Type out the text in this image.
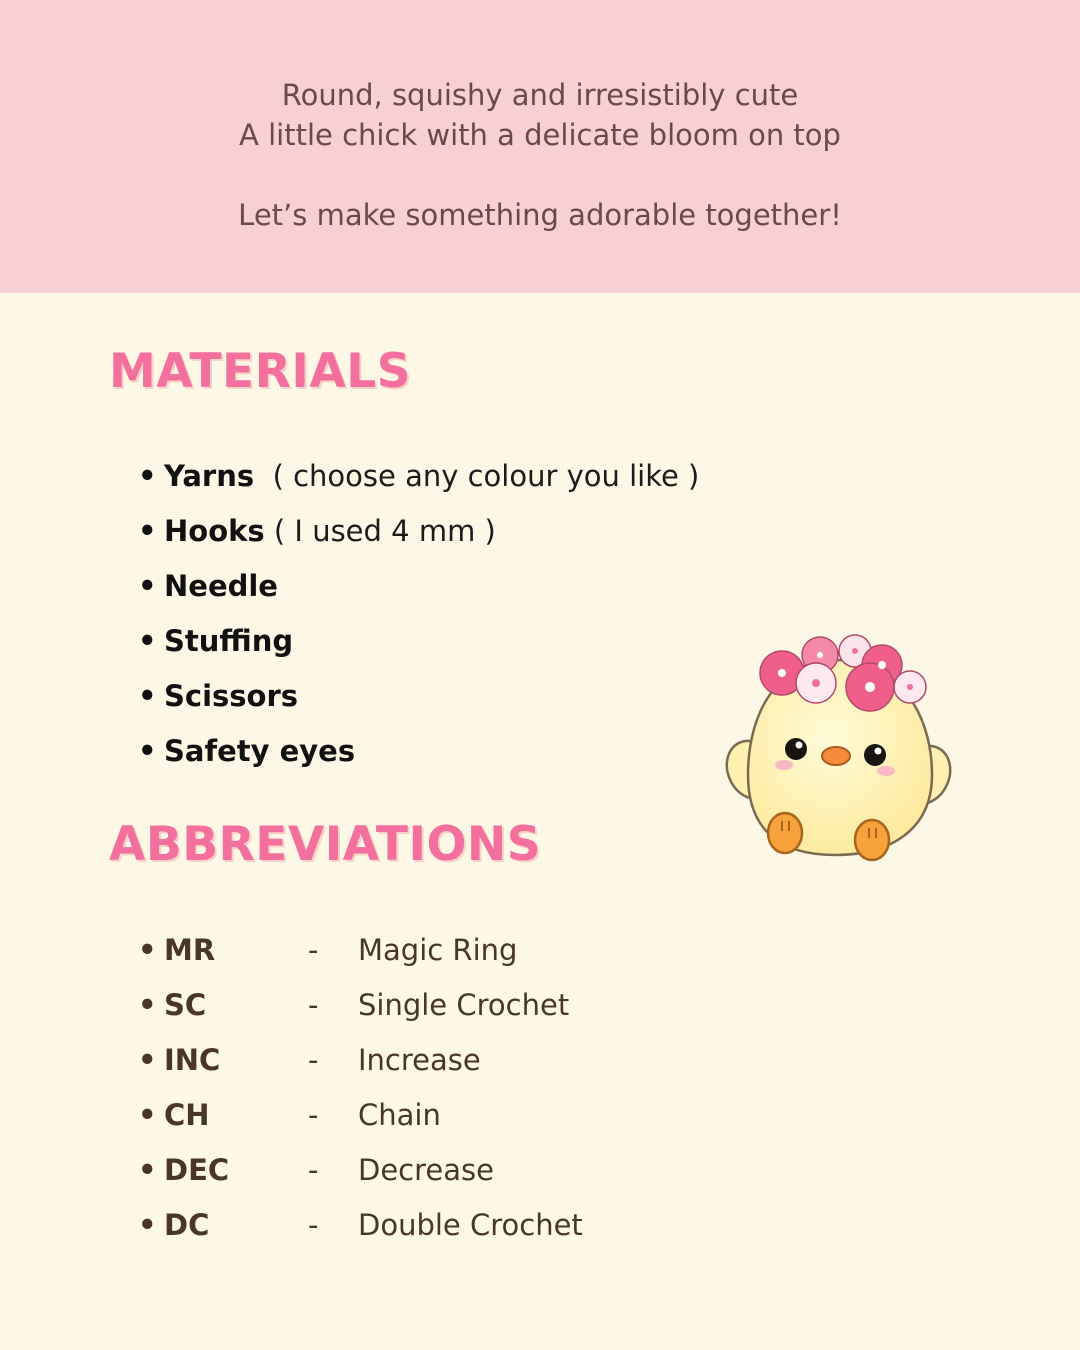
Round, squishy and irresistibly cute
A little chick with a delicate bloom on top
Let’s make something adorable together!
MATERIALS
• Yarns ( choose any colour you like )
• Hooks ( I used 4 mm )
• Needle
• Stuffing
• Scissors
• Safety eyes
ABBREVIATIONS
• MR	- Magic Ring
• SC	- Single Crochet
• INC	- Increase
• CH	- Chain
• DEC	- Decrease
• DC	- Double Crochet
